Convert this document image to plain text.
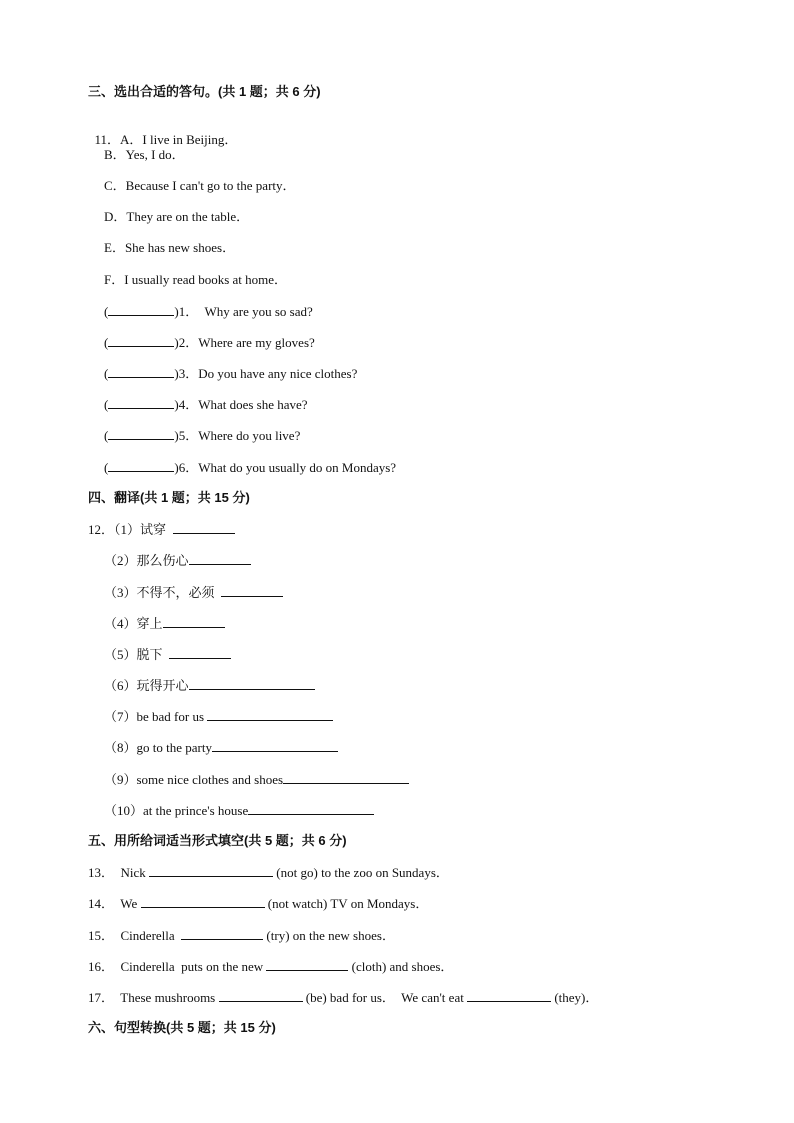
三、选出合适的答句。(共 1 题；共 6 分)

11．A．I live in Beijing．

B．Yes, I do．
C．Because I can't go to the party．
D．They are on the table．
E．She has new shoes．
F．I usually read books at home．
(	)1．  Why are you so sad?
(	)2．Where are my gloves?
(	)3．Do you have any nice clothes?
(	)4．What does she have?
(	)5．Where do you live?
(	)6．What do you usually do on Mondays?
四、翻译(共 1 题；共 15 分)
12．（1）试穿
（2）那么伤心
（3）不得不，必须
（4）穿上
（5）脱下
（6）玩得开心
（7）be bad for us
（8）go to the party
（9）some nice clothes and shoes
（10）at the prince's house
五、用所给词适当形式填空(共 5 题；共 6 分)
13． Nick	(not go) to the zoo on Sundays．
14． We	(not watch) TV on Mondays．
15． Cinderella	(try) on the new shoes．
16． Cinderella  puts on the new	(cloth) and shoes．
17． These mushrooms	(be) bad for us．  We can't eat	(they)．
六、句型转换(共 5 题；共 15 分)
